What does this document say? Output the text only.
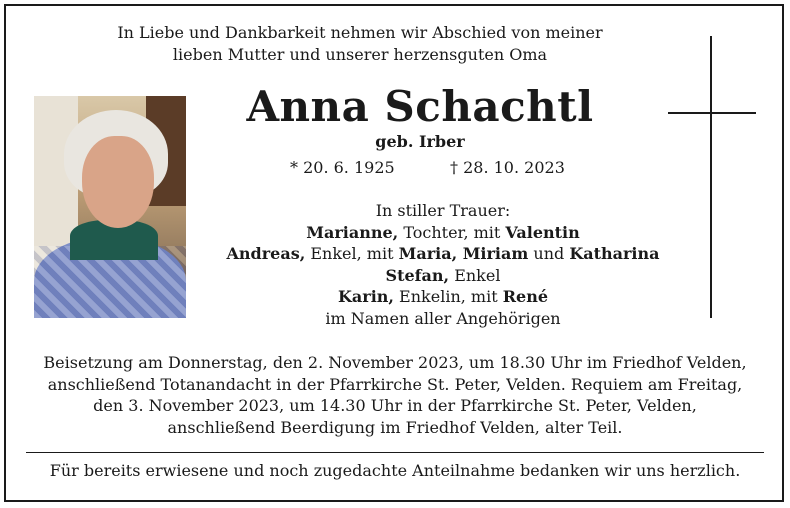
In Liebe und Dankbarkeit nehmen wir Abschied von meiner
lieben Mutter und unserer herzensguten Oma
Anna Schachtl
geb. Irber
* 20. 6. 1925	† 28. 10. 2023
In stiller Trauer:
Marianne, Tochter, mit Valentin
Andreas, Enkel, mit Maria, Miriam und Katharina
Stefan, Enkel
Karin, Enkelin, mit René
im Namen aller Angehörigen
Beisetzung am Donnerstag, den 2. November 2023, um 18.30 Uhr im Friedhof Velden,
anschließend Totanandacht in der Pfarrkirche St. Peter, Velden. Requiem am Freitag,
den 3. November 2023, um 14.30 Uhr in der Pfarrkirche St. Peter, Velden,
anschließend Beerdigung im Friedhof Velden, alter Teil.
Für bereits erwiesene und noch zugedachte Anteilnahme bedanken wir uns herzlich.
